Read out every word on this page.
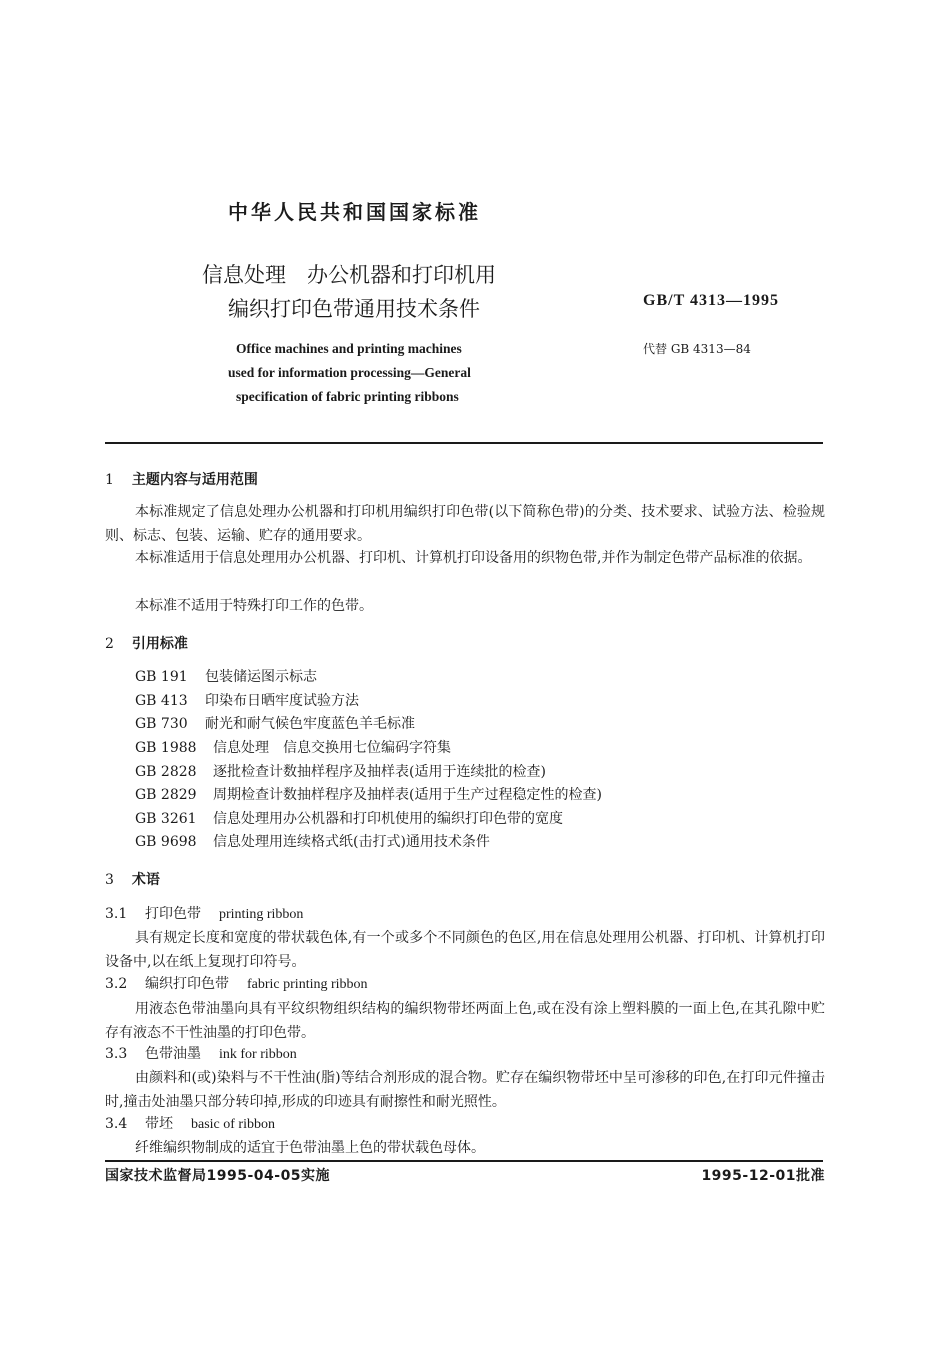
中华人民共和国国家标准
信息处理　办公机器和打印机用
编织打印色带通用技术条件	GB/T 4313—1995
代替 GB 4313—84
Office machines and printing machines
used for information processing—General
specification of fabric printing ribbons
1 主题内容与适用范围
本标准规定了信息处理办公机器和打印机用编织打印色带(以下简称色带)的分类、技术要求、试验方法、检验规则、标志、包装、运输、贮存的通用要求。
本标准适用于信息处理用办公机器、打印机、计算机打印设备用的织物色带,并作为制定色带产品标准的依据。
本标准不适用于特殊打印工作的色带。
2 引用标准
GB 191 包装储运图示标志
GB 413 印染布日晒牢度试验方法
GB 730 耐光和耐气候色牢度蓝色羊毛标准
GB 1988 信息处理　信息交换用七位编码字符集
GB 2828 逐批检查计数抽样程序及抽样表(适用于连续批的检查)
GB 2829 周期检查计数抽样程序及抽样表(适用于生产过程稳定性的检查)
GB 3261 信息处理用办公机器和打印机使用的编织打印色带的宽度
GB 9698 信息处理用连续格式纸(击打式)通用技术条件
3 术语
3.1 打印色带 printing ribbon
具有规定长度和宽度的带状载色体,有一个或多个不同颜色的色区,用在信息处理用公机器、打印机、计算机打印设备中,以在纸上复现打印符号。
3.2 编织打印色带 fabric printing ribbon
用液态色带油墨向具有平纹织物组织结构的编织物带坯两面上色,或在没有涂上塑料膜的一面上色,在其孔隙中贮存有液态不干性油墨的打印色带。
3.3 色带油墨 ink for ribbon
由颜料和(或)染料与不干性油(脂)等结合剂形成的混合物。贮存在编织物带坯中呈可渗移的印色,在打印元件撞击时,撞击处油墨只部分转印掉,形成的印迹具有耐擦性和耐光照性。
3.4 带坯 basic of ribbon
纤维编织物制成的适宜于色带油墨上色的带状载色母体。
国家技术监督局1995-04-05实施	1995-12-01批准
